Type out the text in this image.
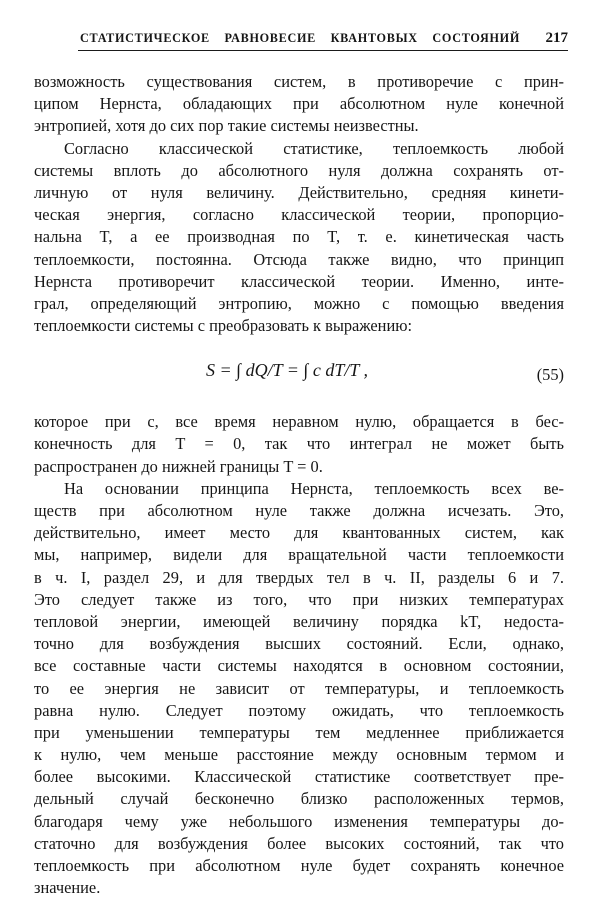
СТАТИСТИЧЕСКОЕ РАВНОВЕСИЕ КВАНТОВЫХ СОСТОЯНИЙ 217
возможность существования систем, в противоречие с прин-
ципом Нернста, обладающих при абсолютном нуле конечной
энтропией, хотя до сих пор такие системы неизвестны.
Согласно классической статистике, теплоемкость любой
системы вплоть до абсолютного нуля должна сохранять от-
личную от нуля величину. Действительно, средняя кинети-
ческая энергия, согласно классической теории, пропорцио-
нальна T, а ее производная по T, т. е. кинетическая часть
теплоемкости, постоянна. Отсюда также видно, что принцип
Нернста противоречит классической теории. Именно, инте-
грал, определяющий энтропию, можно с помощью введения
теплоемкости системы c преобразовать к выражению:
S = ∫ dQ/T = ∫ c dT/T ,	(55)
которое при c, все время неравном нулю, обращается в бес-
конечность для T = 0, так что интеграл не может быть
распространен до нижней границы T = 0.
На основании принципа Нернста, теплоемкость всех ве-
ществ при абсолютном нуле также должна исчезать. Это,
действительно, имеет место для квантованных систем, как
мы, например, видели для вращательной части теплоемкости
в ч. I, раздел 29, и для твердых тел в ч. II, разделы 6 и 7.
Это следует также из того, что при низких температурах
тепловой энергии, имеющей величину порядка kT, недоста-
точно для возбуждения высших состояний. Если, однако,
все составные части системы находятся в основном состоянии,
то ее энергия не зависит от температуры, и теплоемкость
равна нулю. Следует поэтому ожидать, что теплоемкость
при уменьшении температуры тем медленнее приближается
к нулю, чем меньше расстояние между основным термом и
более высокими. Классической статистике соответствует пре-
дельный случай бесконечно близко расположенных термов,
благодаря чему уже небольшого изменения температуры до-
статочно для возбуждения более высоких состояний, так что
теплоемкость при абсолютном нуле будет сохранять конечное
значение.
